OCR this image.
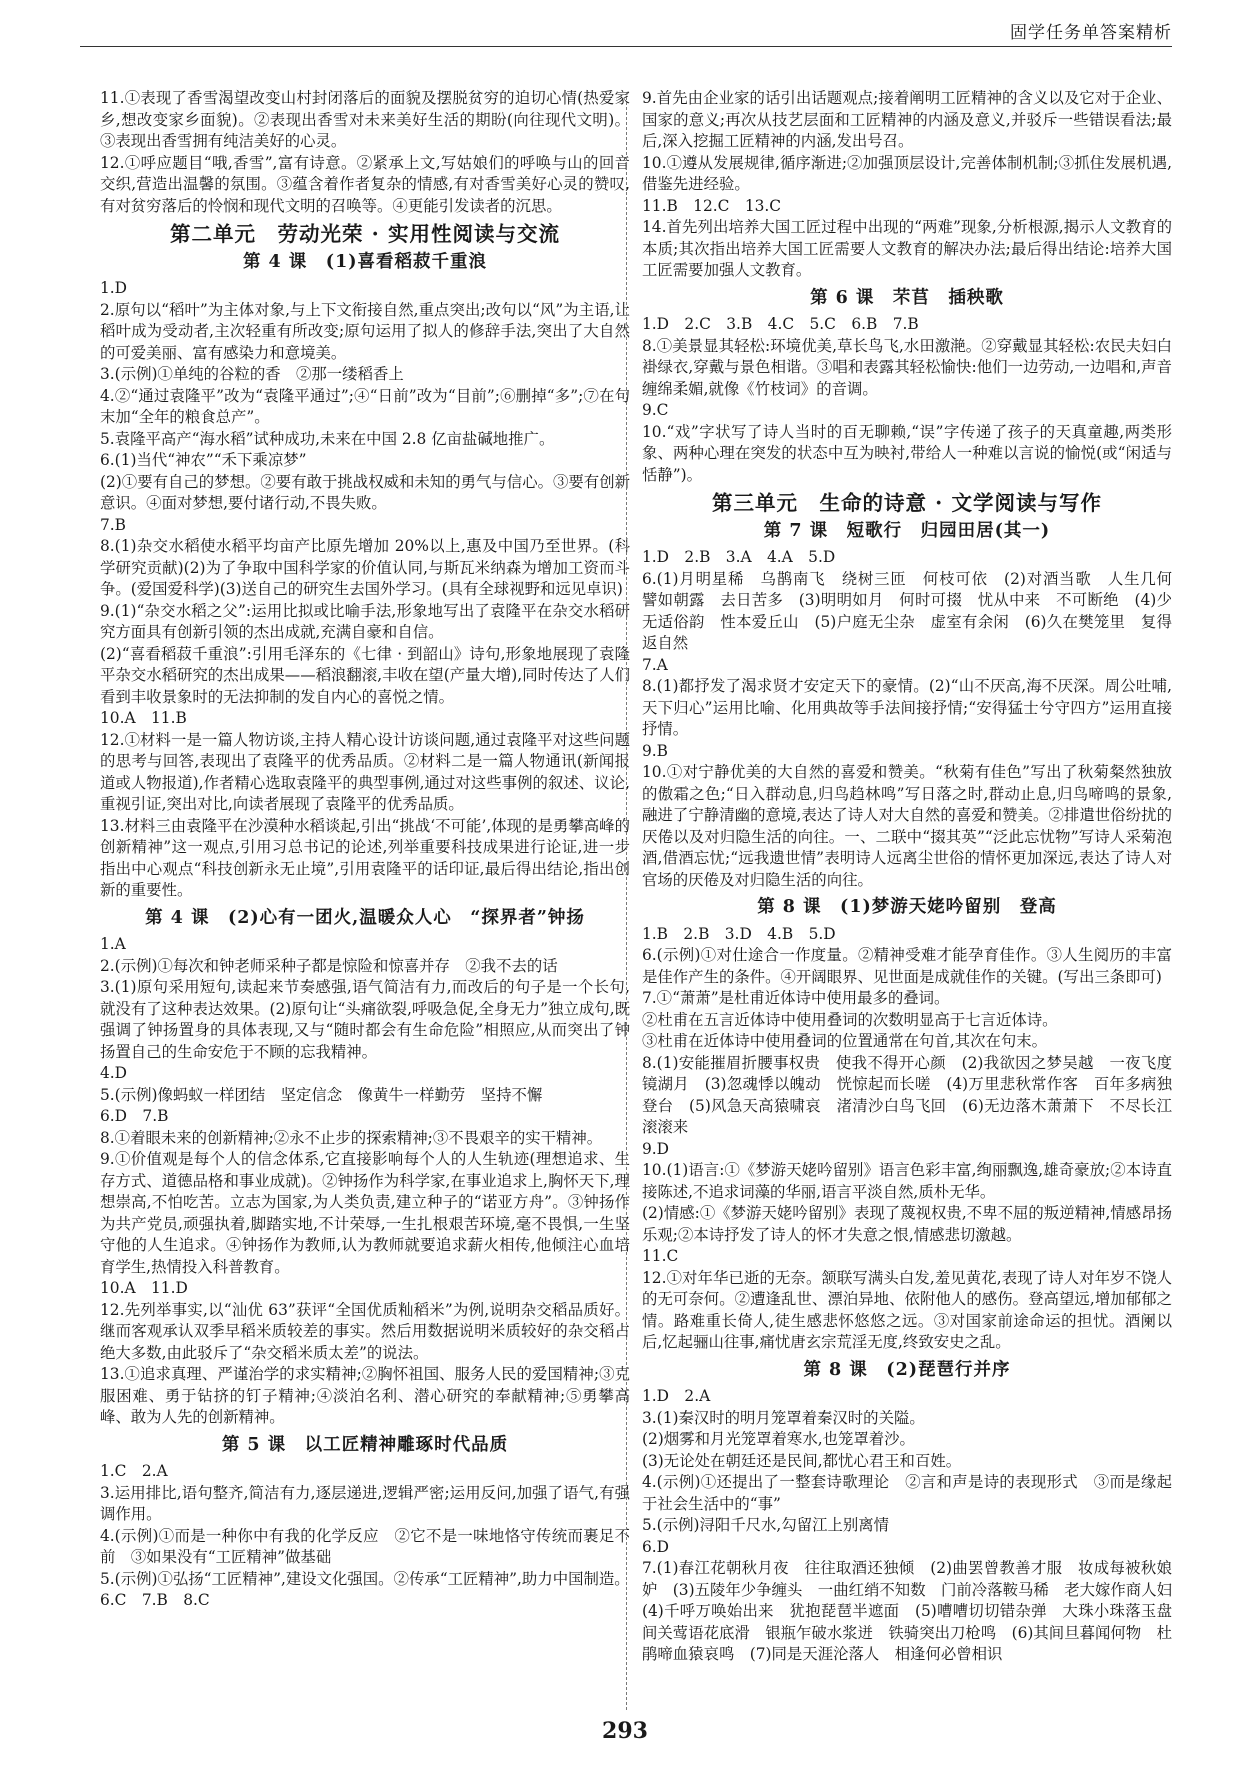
固学任务单答案精析
11.①表现了香雪渴望改变山村封闭落后的面貌及摆脱贫穷的迫切心情(热爱家乡,想改变家乡面貌)。②表现出香雪对未来美好生活的期盼(向往现代文明)。③表现出香雪拥有纯洁美好的心灵。
12.①呼应题目“哦,香雪”,富有诗意。②紧承上文,写姑娘们的呼唤与山的回音交织,营造出温馨的氛围。③蕴含着作者复杂的情感,有对香雪美好心灵的赞叹,有对贫穷落后的怜悯和现代文明的召唤等。④更能引发读者的沉思。
第二单元　劳动光荣 · 实用性阅读与交流
第 4 课　(1)喜看稻菽千重浪
1.D
2.原句以“稻叶”为主体对象,与上下文衔接自然,重点突出;改句以“风”为主语,让稻叶成为受动者,主次轻重有所改变;原句运用了拟人的修辞手法,突出了大自然的可爱美丽、富有感染力和意境美。
3.(示例)①单纯的谷粒的香　②那一缕稻香上
4.②“通过袁隆平”改为“袁隆平通过”;④“日前”改为“目前”;⑥删掉“多”;⑦在句末加“全年的粮食总产”。
5.袁隆平高产“海水稻”试种成功,未来在中国 2.8 亿亩盐碱地推广。
6.(1)当代“神农”“禾下乘凉梦”
(2)①要有自己的梦想。②要有敢于挑战权威和未知的勇气与信心。③要有创新意识。④面对梦想,要付诸行动,不畏失败。
7.B
8.(1)杂交水稻使水稻平均亩产比原先增加 20%以上,惠及中国乃至世界。(科学研究贡献)(2)为了争取中国科学家的价值认同,与斯瓦米纳森为增加工资而斗争。(爱国爱科学)(3)送自己的研究生去国外学习。(具有全球视野和远见卓识)
9.(1)“杂交水稻之父”:运用比拟或比喻手法,形象地写出了袁隆平在杂交水稻研究方面具有创新引领的杰出成就,充满自豪和自信。
(2)“喜看稻菽千重浪”:引用毛泽东的《七律 · 到韶山》诗句,形象地展现了袁隆平杂交水稻研究的杰出成果——稻浪翻滚,丰收在望(产量大增),同时传达了人们看到丰收景象时的无法抑制的发自内心的喜悦之情。
10.A　11.B
12.①材料一是一篇人物访谈,主持人精心设计访谈问题,通过袁隆平对这些问题的思考与回答,表现出了袁隆平的优秀品质。②材料二是一篇人物通讯(新闻报道或人物报道),作者精心选取袁隆平的典型事例,通过对这些事例的叙述、议论,重视引证,突出对比,向读者展现了袁隆平的优秀品质。
13.材料三由袁隆平在沙漠种水稻谈起,引出“挑战‘不可能’,体现的是勇攀高峰的创新精神”这一观点,引用习总书记的论述,列举重要科技成果进行论证,进一步指出中心观点“科技创新永无止境”,引用袁隆平的话印证,最后得出结论,指出创新的重要性。
第 4 课　(2)心有一团火,温暖众人心　“探界者”钟扬
1.A
2.(示例)①每次和钟老师采种子都是惊险和惊喜并存　②我不去的话
3.(1)原句采用短句,读起来节奏感强,语气简洁有力,而改后的句子是一个长句,就没有了这种表达效果。(2)原句让“头痛欲裂,呼吸急促,全身无力”独立成句,既强调了钟扬置身的具体表现,又与“随时都会有生命危险”相照应,从而突出了钟扬置自己的生命安危于不顾的忘我精神。
4.D
5.(示例)像蚂蚁一样团结　坚定信念　像黄牛一样勤劳　坚持不懈
6.D　7.B
8.①着眼未来的创新精神;②永不止步的探索精神;③不畏艰辛的实干精神。
9.①价值观是每个人的信念体系,它直接影响每个人的人生轨迹(理想追求、生存方式、道德品格和事业成就)。②钟扬作为科学家,在事业追求上,胸怀天下,理想崇高,不怕吃苦。立志为国家,为人类负责,建立种子的“诺亚方舟”。③钟扬作为共产党员,顽强执着,脚踏实地,不计荣辱,一生扎根艰苦环境,毫不畏惧,一生坚守他的人生追求。④钟扬作为教师,认为教师就要追求薪火相传,他倾注心血培育学生,热情投入科普教育。
10.A　11.D
12.先列举事实,以“汕优 63”获评“全国优质籼稻米”为例,说明杂交稻品质好。继而客观承认双季早稻米质较差的事实。然后用数据说明米质较好的杂交稻占绝大多数,由此驳斥了“杂交稻米质太差”的说法。
13.①追求真理、严谨治学的求实精神;②胸怀祖国、服务人民的爱国精神;③克服困难、勇于钻挤的钉子精神;④淡泊名利、潜心研究的奉献精神;⑤勇攀高峰、敢为人先的创新精神。
第 5 课　以工匠精神雕琢时代品质
1.C　2.A
3.运用排比,语句整齐,简洁有力,逐层递进,逻辑严密;运用反问,加强了语气,有强调作用。
4.(示例)①而是一种你中有我的化学反应　②它不是一味地恪守传统而裹足不前　③如果没有“工匠精神”做基础
5.(示例)①弘扬“工匠精神”,建设文化强国。②传承“工匠精神”,助力中国制造。
6.C　7.B　8.C
9.首先由企业家的话引出话题观点;接着阐明工匠精神的含义以及它对于企业、国家的意义;再次从技艺层面和工匠精神的内涵及意义,并驳斥一些错误看法;最后,深入挖掘工匠精神的内涵,发出号召。
10.①遵从发展规律,循序渐进;②加强顶层设计,完善体制机制;③抓住发展机遇,借鉴先进经验。
11.B　12.C　13.C
14.首先列出培养大国工匠过程中出现的“两难”现象,分析根源,揭示人文教育的本质;其次指出培养大国工匠需要人文教育的解决办法;最后得出结论:培养大国工匠需要加强人文教育。
第 6 课　芣苢　插秧歌
1.D　2.C　3.B　4.C　5.C　6.B　7.B
8.①美景显其轻松:环境优美,草长鸟飞,水田激滟。②穿戴显其轻松:农民夫妇白褂绿衣,穿戴与景色相谐。③唱和表露其轻松愉快:他们一边劳动,一边唱和,声音缠绵柔媚,就像《竹枝词》的音调。
9.C
10.“戏”字状写了诗人当时的百无聊赖,“误”字传递了孩子的天真童趣,两类形象、两种心理在突发的状态中互为映衬,带给人一种难以言说的愉悦(或“闲适与恬静”)。
第三单元　生命的诗意 · 文学阅读与写作
第 7 课　短歌行　归园田居(其一)
1.D　2.B　3.A　4.A　5.D
6.(1)月明星稀　乌鹊南飞　绕树三匝　何枝可依　(2)对酒当歌　人生几何　譬如朝露　去日苦多　(3)明明如月　何时可掇　忧从中来　不可断绝　(4)少无适俗韵　性本爱丘山　(5)户庭无尘杂　虚室有余闲　(6)久在樊笼里　复得返自然
7.A
8.(1)都抒发了渴求贤才安定天下的豪情。(2)“山不厌高,海不厌深。周公吐哺,天下归心”运用比喻、化用典故等手法间接抒情;“安得猛士兮守四方”运用直接抒情。
9.B
10.①对宁静优美的大自然的喜爱和赞美。“秋菊有佳色”写出了秋菊粲然独放的傲霜之色;“日入群动息,归鸟趋林鸣”写日落之时,群动止息,归鸟啼鸣的景象,融进了宁静清幽的意境,表达了诗人对大自然的喜爱和赞美。②排遣世俗纷扰的厌倦以及对归隐生活的向往。一、二联中“掇其英”“泛此忘忧物”写诗人采菊泡酒,借酒忘忧;“远我遗世情”表明诗人远离尘世俗的情怀更加深远,表达了诗人对官场的厌倦及对归隐生活的向往。
第 8 课　(1)梦游天姥吟留别　登高
1.B　2.B　3.D　4.B　5.D
6.(示例)①对仕途合一作度量。②精神受难才能孕育佳作。③人生阅历的丰富是佳作产生的条件。④开阔眼界、见世面是成就佳作的关键。(写出三条即可)
7.①“萧萧”是杜甫近体诗中使用最多的叠词。
②杜甫在五言近体诗中使用叠词的次数明显高于七言近体诗。
③杜甫在近体诗中使用叠词的位置通常在句首,其次在句末。
8.(1)安能摧眉折腰事权贵　使我不得开心颜　(2)我欲因之梦吴越　一夜飞度镜湖月　(3)忽魂悸以魄动　恍惊起而长嗟　(4)万里悲秋常作客　百年多病独登台　(5)风急天高猿啸哀　渚清沙白鸟飞回　(6)无边落木萧萧下　不尽长江滚滚来
9.D
10.(1)语言:①《梦游天姥吟留别》语言色彩丰富,绚丽飘逸,雄奇豪放;②本诗直接陈述,不追求词藻的华丽,语言平淡自然,质朴无华。
(2)情感:①《梦游天姥吟留别》表现了蔑视权贵,不卑不屈的叛逆精神,情感昂扬乐观;②本诗抒发了诗人的怀才失意之恨,情感悲切激越。
11.C
12.①对年华已逝的无奈。颔联写满头白发,羞见黄花,表现了诗人对年岁不饶人的无可奈何。②遭逢乱世、漂泊异地、依附他人的感伤。登高望远,增加郁郁之情。路难重长倚人,徒生感悲怀悠悠之远。③对国家前途命运的担忧。酒阑以后,忆起骊山往事,痛忧唐玄宗荒淫无度,终致安史之乱。
第 8 课　(2)琵琶行并序
1.D　2.A
3.(1)秦汉时的明月笼罩着秦汉时的关隘。
(2)烟雾和月光笼罩着寒水,也笼罩着沙。
(3)无论处在朝廷还是民间,都忧心君王和百姓。
4.(示例)①还提出了一整套诗歌理论　②言和声是诗的表现形式　③而是缘起于社会生活中的“事”
5.(示例)浔阳千尺水,勾留江上别离情
6.D
7.(1)春江花朝秋月夜　往往取酒还独倾　(2)曲罢曾教善才服　妆成每被秋娘妒　(3)五陵年少争缠头　一曲红绡不知数　门前冷落鞍马稀　老大嫁作商人妇　(4)千呼万唤始出来　犹抱琵琶半遮面　(5)嘈嘈切切错杂弹　大珠小珠落玉盘　间关莺语花底滑　银瓶乍破水浆迸　铁骑突出刀枪鸣　(6)其间旦暮闻何物　杜鹃啼血猿哀鸣　(7)同是天涯沦落人　相逢何必曾相识
293
